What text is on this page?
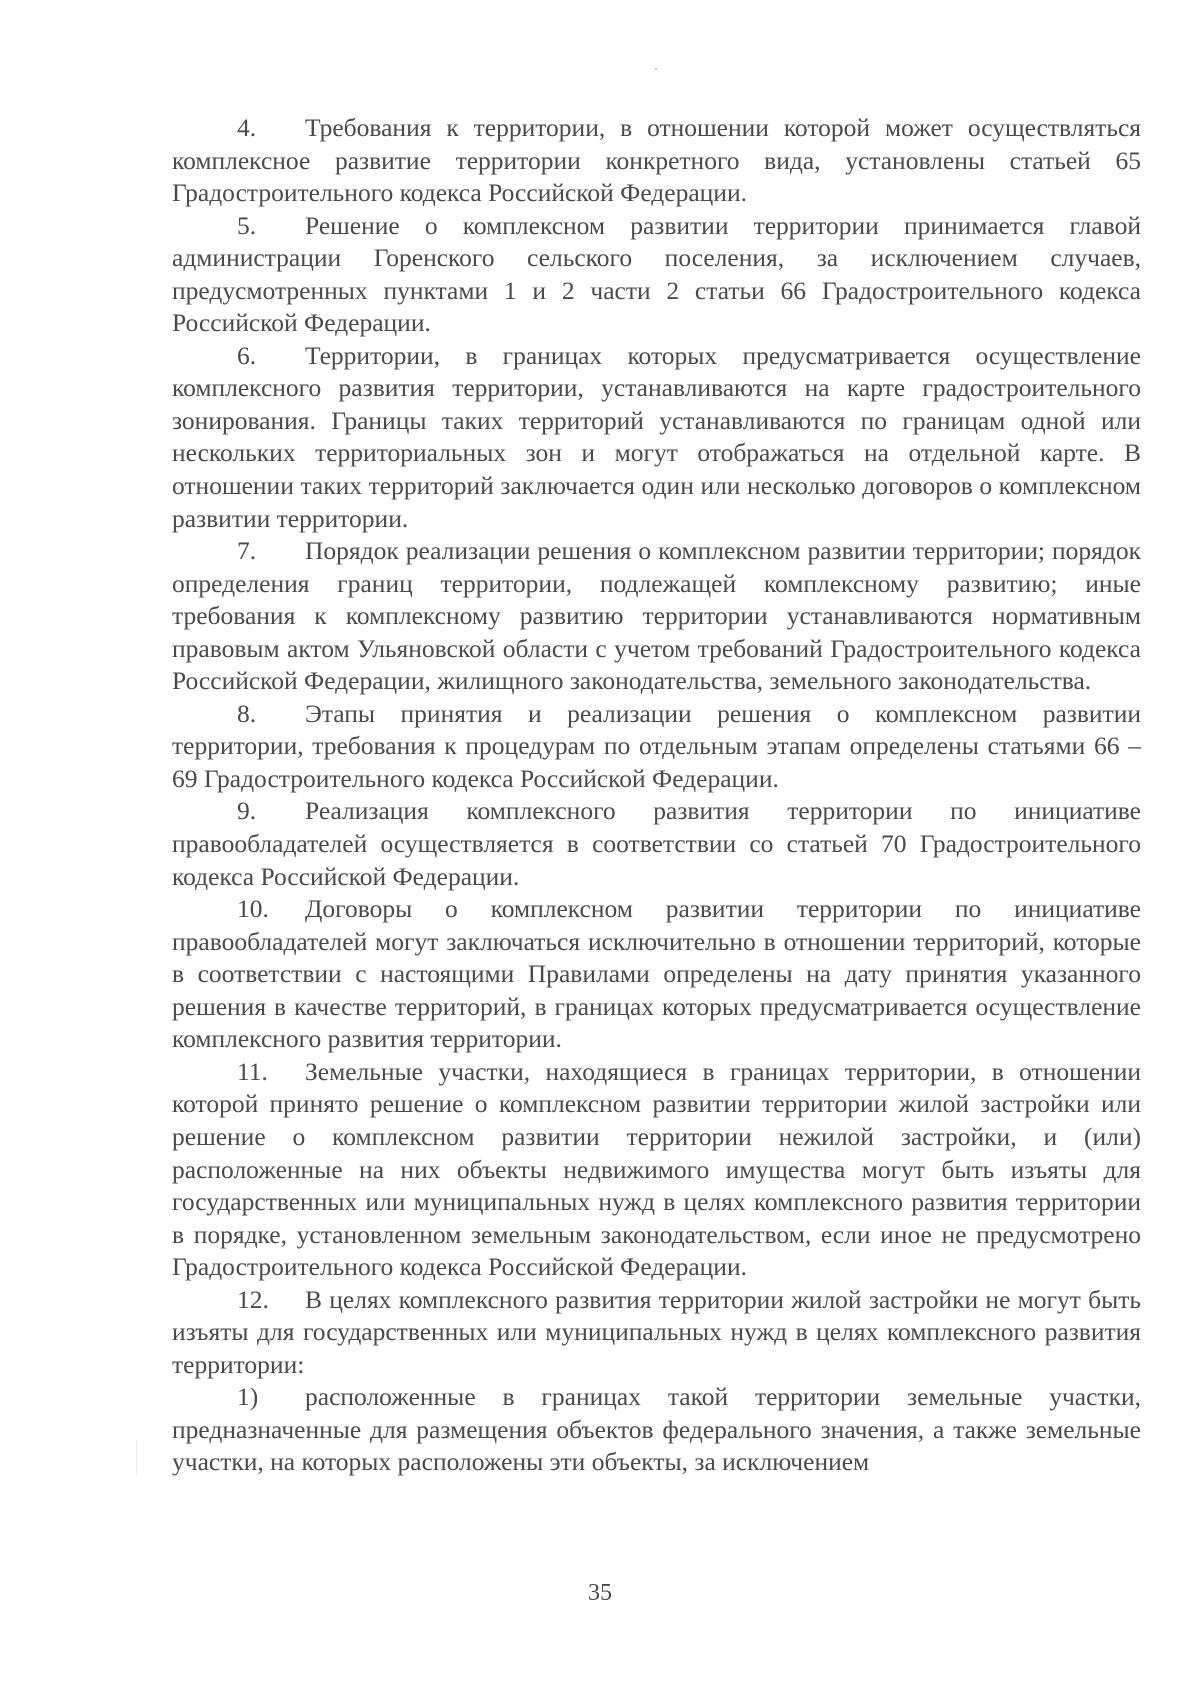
4. Требования к территории, в отношении которой может осуществляться комплексное развитие территории конкретного вида, установлены статьей 65 Градостроительного кодекса Российской Федерации.

5. Решение о комплексном развитии территории принимается главой администрации Горенского сельского поселения, за исключением случаев, предусмотренных пунктами 1 и 2 части 2 статьи 66 Градостроительного кодекса Российской Федерации.

6. Территории, в границах которых предусматривается осуществление комплексного развития территории, устанавливаются на карте градостроительного зонирования. Границы таких территорий устанавливаются по границам одной или нескольких территориальных зон и могут отображаться на отдельной карте. В отношении таких территорий заключается один или несколько договоров о комплексном развитии территории.

7. Порядок реализации решения о комплексном развитии территории; порядок определения границ территории, подлежащей комплексному развитию; иные требования к комплексному развитию территории устанавливаются нормативным правовым актом Ульяновской области с учетом требований Градостроительного кодекса Российской Федерации, жилищного законодательства, земельного законодательства.

8. Этапы принятия и реализации решения о комплексном развитии территории, требования к процедурам по отдельным этапам определены статьями 66 – 69 Градостроительного кодекса Российской Федерации.

9. Реализация комплексного развития территории по инициативе правообладателей осуществляется в соответствии со статьей 70 Градостроительного кодекса Российской Федерации.

10. Договоры о комплексном развитии территории по инициативе правообладателей могут заключаться исключительно в отношении территорий, которые в соответствии с настоящими Правилами определены на дату принятия указанного решения в качестве территорий, в границах которых предусматривается осуществление комплексного развития территории.

11. Земельные участки, находящиеся в границах территории, в отношении которой принято решение о комплексном развитии территории жилой застройки или решение о комплексном развитии территории нежилой застройки, и (или) расположенные на них объекты недвижимого имущества могут быть изъяты для государственных или муниципальных нужд в целях комплексного развития территории в порядке, установленном земельным законодательством, если иное не предусмотрено Градостроительного кодекса Российской Федерации.

12. В целях комплексного развития территории жилой застройки не могут быть изъяты для государственных или муниципальных нужд в целях комплексного развития территории:

1) расположенные в границах такой территории земельные участки, предназначенные для размещения объектов федерального значения, а также земельные участки, на которых расположены эти объекты, за исключением

35
